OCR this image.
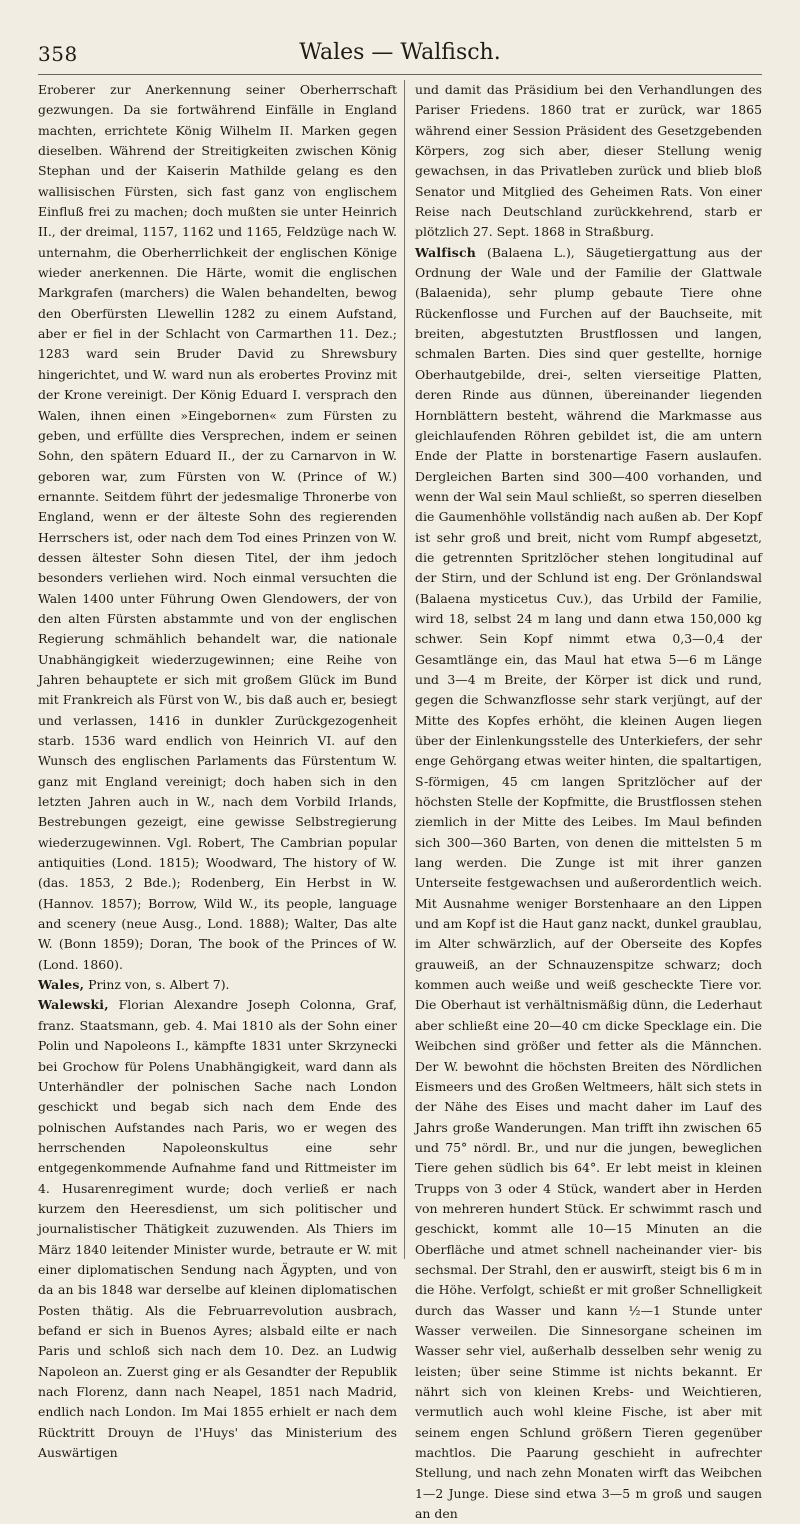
358	Wales — Walfisch.

Eroberer zur Anerkennung seiner Oberherrschaft gezwungen. Da sie fortwährend Einfälle in England machten, errichtete König Wilhelm II. Marken gegen dieselben. Während der Streitigkeiten zwischen König Stephan und der Kaiserin Mathilde gelang es den wallisischen Fürsten, sich fast ganz von englischem Einfluß frei zu machen; doch mußten sie unter Heinrich II., der dreimal, 1157, 1162 und 1165, Feldzüge nach W. unternahm, die Oberherrlichkeit der englischen Könige wieder anerkennen. Die Härte, womit die englischen Markgrafen (marchers) die Walen behandelten, bewog den Oberfürsten Llewellin 1282 zu einem Aufstand, aber er fiel in der Schlacht von Carmarthen 11. Dez.; 1283 ward sein Bruder David zu Shrewsbury hingerichtet, und W. ward nun als erobertes Provinz mit der Krone vereinigt. Der König Eduard I. versprach den Walen, ihnen einen »Eingebornen« zum Fürsten zu geben, und erfüllte dies Versprechen, indem er seinen Sohn, den spätern Eduard II., der zu Carnarvon in W. geboren war, zum Fürsten von W. (Prince of W.) ernannte. Seitdem führt der jedesmalige Thronerbe von England, wenn er der älteste Sohn des regierenden Herrschers ist, oder nach dem Tod eines Prinzen von W. dessen ältester Sohn diesen Titel, der ihm jedoch besonders verliehen wird. Noch einmal versuchten die Walen 1400 unter Führung Owen Glendowers, der von den alten Fürsten abstammte und von der englischen Regierung schmählich behandelt war, die nationale Unabhängigkeit wiederzugewinnen; eine Reihe von Jahren behauptete er sich mit großem Glück im Bund mit Frankreich als Fürst von W., bis daß auch er, besiegt und verlassen, 1416 in dunkler Zurückgezogenheit starb. 1536 ward endlich von Heinrich VI. auf den Wunsch des englischen Parlaments das Fürstentum W. ganz mit England vereinigt; doch haben sich in den letzten Jahren auch in W., nach dem Vorbild Irlands, Bestrebungen gezeigt, eine gewisse Selbstregierung wiederzugewinnen. Vgl. Robert, The Cambrian popular antiquities (Lond. 1815); Woodward, The history of W. (das. 1853, 2 Bde.); Rodenberg, Ein Herbst in W. (Hannov. 1857); Borrow, Wild W., its people, language and scenery (neue Ausg., Lond. 1888); Walter, Das alte W. (Bonn 1859); Doran, The book of the Princes of W. (Lond. 1860).

Wales, Prinz von, s. Albert 7).

Walewski, Florian Alexandre Joseph Colonna, Graf, franz. Staatsmann, geb. 4. Mai 1810 als der Sohn einer Polin und Napoleons I., kämpfte 1831 unter Skrzynecki bei Grochow für Polens Unabhängigkeit, ward dann als Unterhändler der polnischen Sache nach London geschickt und begab sich nach dem Ende des polnischen Aufstandes nach Paris, wo er wegen des herrschenden Napoleonskultus eine sehr entgegenkommende Aufnahme fand und Rittmeister im 4. Husarenregiment wurde; doch verließ er nach kurzem den Heeresdienst, um sich politischer und journalistischer Thätigkeit zuzuwenden. Als Thiers im März 1840 leitender Minister wurde, betraute er W. mit einer diplomatischen Sendung nach Ägypten, und von da an bis 1848 war derselbe auf kleinen diplomatischen Posten thätig. Als die Februarrevolution ausbrach, befand er sich in Buenos Ayres; alsbald eilte er nach Paris und schloß sich nach dem 10. Dez. an Ludwig Napoleon an. Zuerst ging er als Gesandter der Republik nach Florenz, dann nach Neapel, 1851 nach Madrid, endlich nach London. Im Mai 1855 erhielt er nach dem Rücktritt Drouyn de l'Huys' das Ministerium des Auswärtigen

und damit das Präsidium bei den Verhandlungen des Pariser Friedens. 1860 trat er zurück, war 1865 während einer Session Präsident des Gesetzgebenden Körpers, zog sich aber, dieser Stellung wenig gewachsen, in das Privatleben zurück und blieb bloß Senator und Mitglied des Geheimen Rats. Von einer Reise nach Deutschland zurückkehrend, starb er plötzlich 27. Sept. 1868 in Straßburg.

Walfisch (Balaena L.), Säugetiergattung aus der Ordnung der Wale und der Familie der Glattwale (Balaenida), sehr plump gebaute Tiere ohne Rückenflosse und Furchen auf der Bauchseite, mit breiten, abgestutzten Brustflossen und langen, schmalen Barten. Dies sind quer gestellte, hornige Oberhautgebilde, drei-, selten vierseitige Platten, deren Rinde aus dünnen, übereinander liegenden Hornblättern besteht, während die Markmasse aus gleichlaufenden Röhren gebildet ist, die am untern Ende der Platte in borstenartige Fasern auslaufen. Dergleichen Barten sind 300—400 vorhanden, und wenn der Wal sein Maul schließt, so sperren dieselben die Gaumenhöhle vollständig nach außen ab. Der Kopf ist sehr groß und breit, nicht vom Rumpf abgesetzt, die getrennten Spritzlöcher stehen longitudinal auf der Stirn, und der Schlund ist eng. Der Grönlandswal (Balaena mysticetus Cuv.), das Urbild der Familie, wird 18, selbst 24 m lang und dann etwa 150,000 kg schwer. Sein Kopf nimmt etwa 0,3—0,4 der Gesamtlänge ein, das Maul hat etwa 5—6 m Länge und 3—4 m Breite, der Körper ist dick und rund, gegen die Schwanzflosse sehr stark verjüngt, auf der Mitte des Kopfes erhöht, die kleinen Augen liegen über der Einlenkungsstelle des Unterkiefers, der sehr enge Gehörgang etwas weiter hinten, die spaltartigen, S-förmigen, 45 cm langen Spritzlöcher auf der höchsten Stelle der Kopfmitte, die Brustflossen stehen ziemlich in der Mitte des Leibes. Im Maul befinden sich 300—360 Barten, von denen die mittelsten 5 m lang werden. Die Zunge ist mit ihrer ganzen Unterseite festgewachsen und außerordentlich weich. Mit Ausnahme weniger Borstenhaare an den Lippen und am Kopf ist die Haut ganz nackt, dunkel graublau, im Alter schwärzlich, auf der Oberseite des Kopfes grauweiß, an der Schnauzenspitze schwarz; doch kommen auch weiße und weiß gescheckte Tiere vor. Die Oberhaut ist verhältnismäßig dünn, die Lederhaut aber schließt eine 20—40 cm dicke Specklage ein. Die Weibchen sind größer und fetter als die Männchen. Der W. bewohnt die höchsten Breiten des Nördlichen Eismeers und des Großen Weltmeers, hält sich stets in der Nähe des Eises und macht daher im Lauf des Jahrs große Wanderungen. Man trifft ihn zwischen 65 und 75° nördl. Br., und nur die jungen, beweglichen Tiere gehen südlich bis 64°. Er lebt meist in kleinen Trupps von 3 oder 4 Stück, wandert aber in Herden von mehreren hundert Stück. Er schwimmt rasch und geschickt, kommt alle 10—15 Minuten an die Oberfläche und atmet schnell nacheinander vier- bis sechsmal. Der Strahl, den er auswirft, steigt bis 6 m in die Höhe. Verfolgt, schießt er mit großer Schnelligkeit durch das Wasser und kann ½—1 Stunde unter Wasser verweilen. Die Sinnesorgane scheinen im Wasser sehr viel, außerhalb desselben sehr wenig zu leisten; über seine Stimme ist nichts bekannt. Er nährt sich von kleinen Krebs- und Weichtieren, vermutlich auch wohl kleine Fische, ist aber mit seinem engen Schlund größern Tieren gegenüber machtlos. Die Paarung geschieht in aufrechter Stellung, und nach zehn Monaten wirft das Weibchen 1—2 Junge. Diese sind etwa 3—5 m groß und saugen an den
